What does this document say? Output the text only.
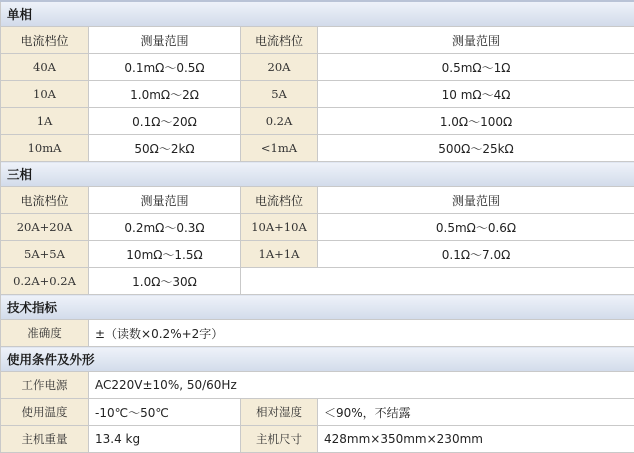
单相			
电流档位	测量范围	电流档位	测量范围
40A	0.1mΩ～0.5Ω	20A	0.5mΩ～1Ω
10A	1.0mΩ～2Ω	5A	10 mΩ～4Ω
1A	0.1Ω～20Ω	0.2A	1.0Ω～100Ω
10mA	50Ω～2kΩ	<1mA	500Ω～25kΩ
三相			
电流档位	测量范围	电流档位	测量范围
20A+20A	0.2mΩ～0.3Ω	10A+10A	0.5mΩ～0.6Ω
5A+5A	10mΩ～1.5Ω	1A+1A	0.1Ω～7.0Ω
0.2A+0.2A	1.0Ω～30Ω		
技术指标			
准确度	±（读数×0.2%+2字）		
使用条件及外形			
工作电源	AC220V±10%, 50/60Hz		
使用温度	-10℃～50℃	相对湿度	＜90%，不结露
主机重量	13.4 kg	主机尺寸	428mm×350mm×230mm
